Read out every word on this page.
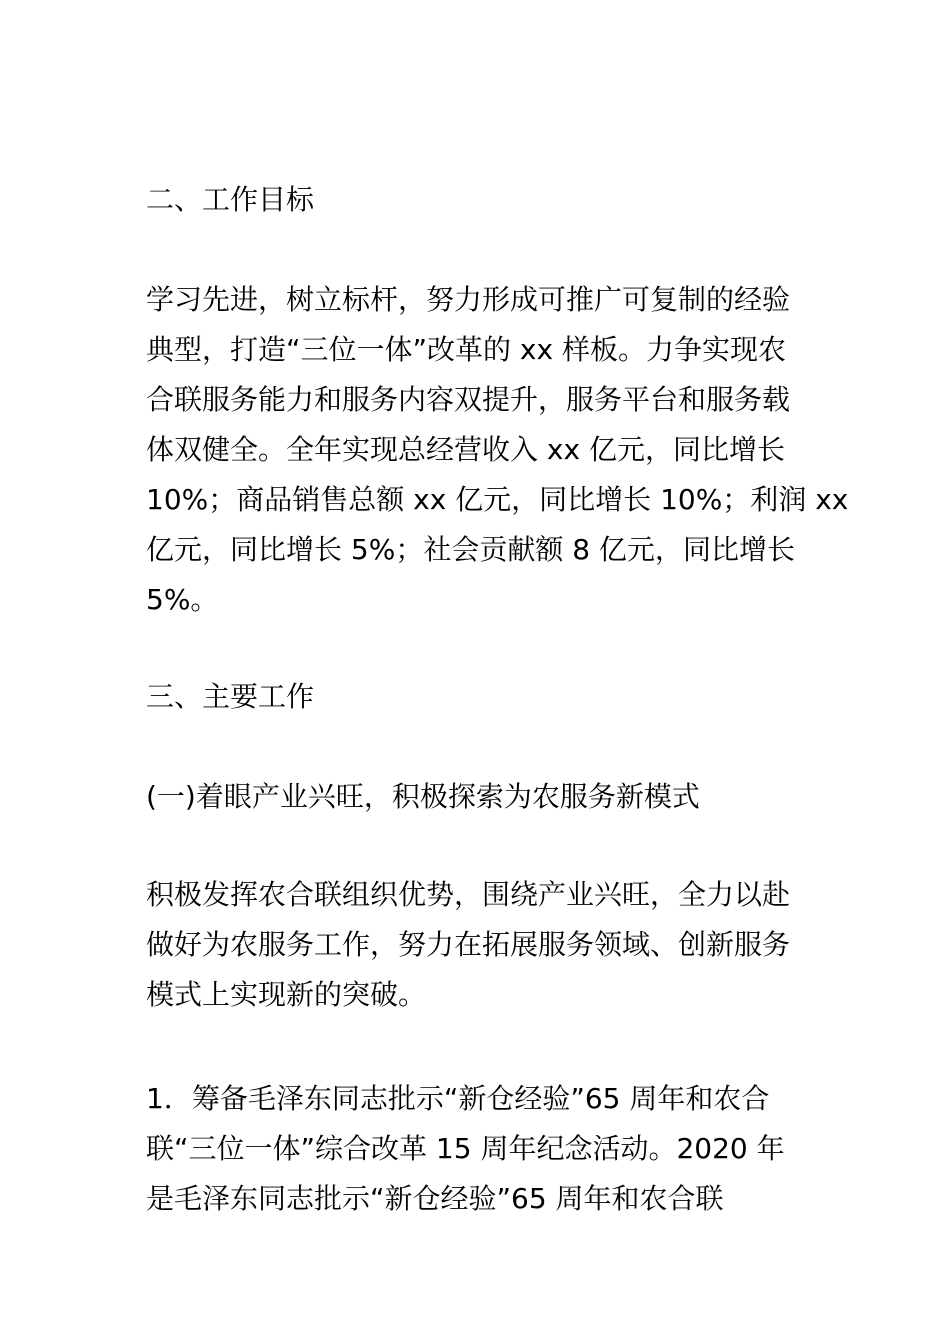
二、工作目标
学习先进，树立标杆，努力形成可推广可复制的经验
典型，打造“三位一体”改革的 xx 样板。力争实现农
合联服务能力和服务内容双提升，服务平台和服务载
体双健全。全年实现总经营收入 xx 亿元，同比增长
10%；商品销售总额 xx 亿元，同比增长 10%；利润 xx
亿元，同比增长 5%；社会贡献额 8 亿元，同比增长
5%。
三、主要工作
(一)着眼产业兴旺，积极探索为农服务新模式
积极发挥农合联组织优势，围绕产业兴旺，全力以赴
做好为农服务工作，努力在拓展服务领域、创新服务
模式上实现新的突破。
1．筹备毛泽东同志批示“新仓经验”65 周年和农合
联“三位一体”综合改革 15 周年纪念活动。2020 年
是毛泽东同志批示“新仓经验”65 周年和农合联
